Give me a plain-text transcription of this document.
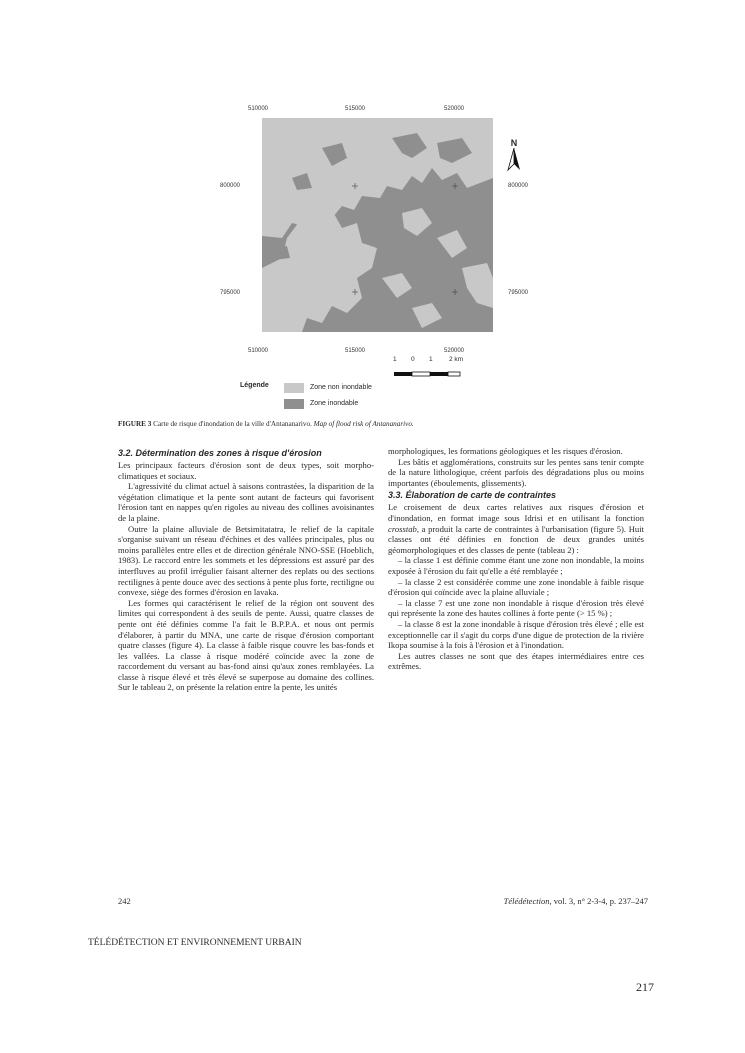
510000	515000	520000
800000
795000
800000
795000
510000	515000	520000
N
1 0 1	2 km
Légende	Zone non inondable
Zone inondable
FIGURE 3 Carte de risque d'inondation de la ville d'Antananarivo. Map of flood risk of Antananarivo.
3.2. Détermination des zones à risque d'érosion

Les principaux facteurs d'érosion sont de deux types, soit morpho-climatiques et sociaux.

L'agressivité du climat actuel à saisons contrastées, la disparition de la végétation climatique et la pente sont autant de facteurs qui favorisent l'érosion tant en nappes qu'en rigoles au niveau des collines avoisinantes de la plaine.

Outre la plaine alluviale de Betsimitatatra, le relief de la capitale s'organise suivant un réseau d'échines et des vallées principales, plus ou moins parallèles entre elles et de direction générale NNO-SSE (Hoeblich, 1983). Le raccord entre les sommets et les dépressions est assuré par des interfluves au profil irrégulier faisant alterner des replats ou des sections rectilignes à pente douce avec des sections à pente plus forte, rectiligne ou convexe, siège des formes d'érosion en lavaka.

Les formes qui caractérisent le relief de la région ont souvent des limites qui correspondent à des seuils de pente. Aussi, quatre classes de pente ont été définies comme l'a fait le B.P.P.A. et nous ont permis d'élaborer, à partir du MNA, une carte de risque d'érosion comportant quatre classes (figure 4). La classe à faible risque couvre les bas-fonds et les vallées. La classe à risque modéré coïncide avec la zone de raccordement du versant au bas-fond ainsi qu'aux zones remblayées. La classe à risque élevé et très élevé se superpose au domaine des collines. Sur le tableau 2, on présente la relation entre la pente, les unités

morphologiques, les formations géologiques et les risques d'érosion.

Les bâtis et agglomérations, construits sur les pentes sans tenir compte de la nature lithologique, créent parfois des dégradations plus ou moins importantes (éboulements, glissements).

3.3. Élaboration de carte de contraintes

Le croisement de deux cartes relatives aux risques d'érosion et d'inondation, en format image sous Idrisi et en utilisant la fonction crosstab, a produit la carte de contraintes à l'urbanisation (figure 5). Huit classes ont été définies en fonction de deux grandes unités géomorphologiques et des classes de pente (tableau 2) :

– la classe 1 est définie comme étant une zone non inondable, la moins exposée à l'érosion du fait qu'elle a été remblayée ;

– la classe 2 est considérée comme une zone inondable à faible risque d'érosion qui coïncide avec la plaine alluviale ;

– la classe 7 est une zone non inondable à risque d'érosion très élevé qui représente la zone des hautes collines à forte pente (> 15 %) ;

– la classe 8 est la zone inondable à risque d'érosion très élevé ; elle est exceptionnelle car il s'agit du corps d'une digue de protection de la rivière Ikopa soumise à la fois à l'érosion et à l'inondation.

Les autres classes ne sont que des étapes intermédiaires entre ces extrêmes.

242	Télédétection, vol. 3, n° 2-3-4, p. 237–247
TÉLÉDÉTECTION ET ENVIRONNEMENT URBAIN
217
